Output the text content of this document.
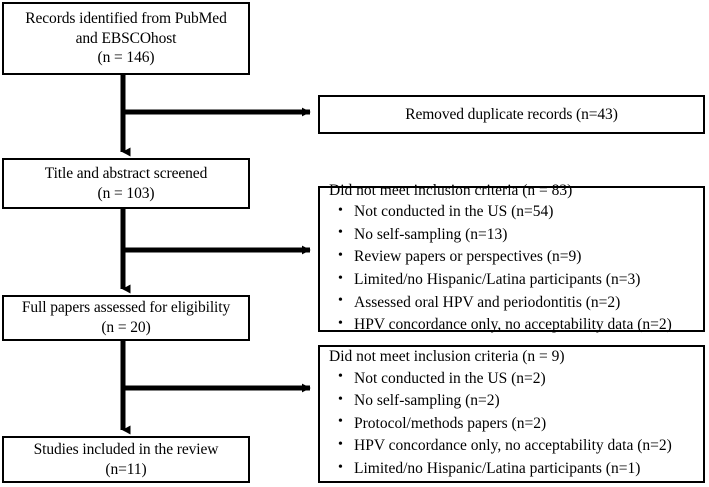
Records identified from PubMed
and EBSCOhost
(n = 146)
Removed duplicate records (n=43)
Title and abstract screened
(n = 103)	Did not meet inclusion criteria (n = 83)
• Not conducted in the US (n=54)
• No self-sampling (n=13)
• Review papers or perspectives (n=9)
• Limited/no Hispanic/Latina participants (n=3)
• Assessed oral HPV and periodontitis (n=2)
• HPV concordance only, no acceptability data (n=2)
Full papers assessed for eligibility
(n = 20)
Did not meet inclusion criteria (n = 9)
• Not conducted in the US (n=2)
• No self-sampling (n=2)
• Protocol/methods papers (n=2)
• HPV concordance only, no acceptability data (n=2)
• Limited/no Hispanic/Latina participants (n=1)
Studies included in the review
(n=11)
